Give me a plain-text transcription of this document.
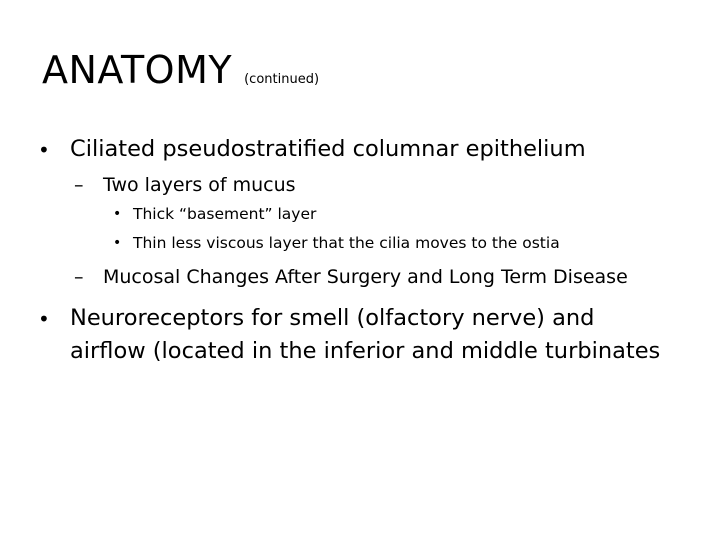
ANATOMY (continued)
• Ciliated pseudostratified columnar epithelium
– Two layers of mucus
• Thick “basement” layer
• Thin less viscous layer that the cilia moves to the ostia
– Mucosal Changes After Surgery and Long Term Disease
• Neuroreceptors for smell (olfactory nerve) and
airflow (located in the inferior and middle turbinates
